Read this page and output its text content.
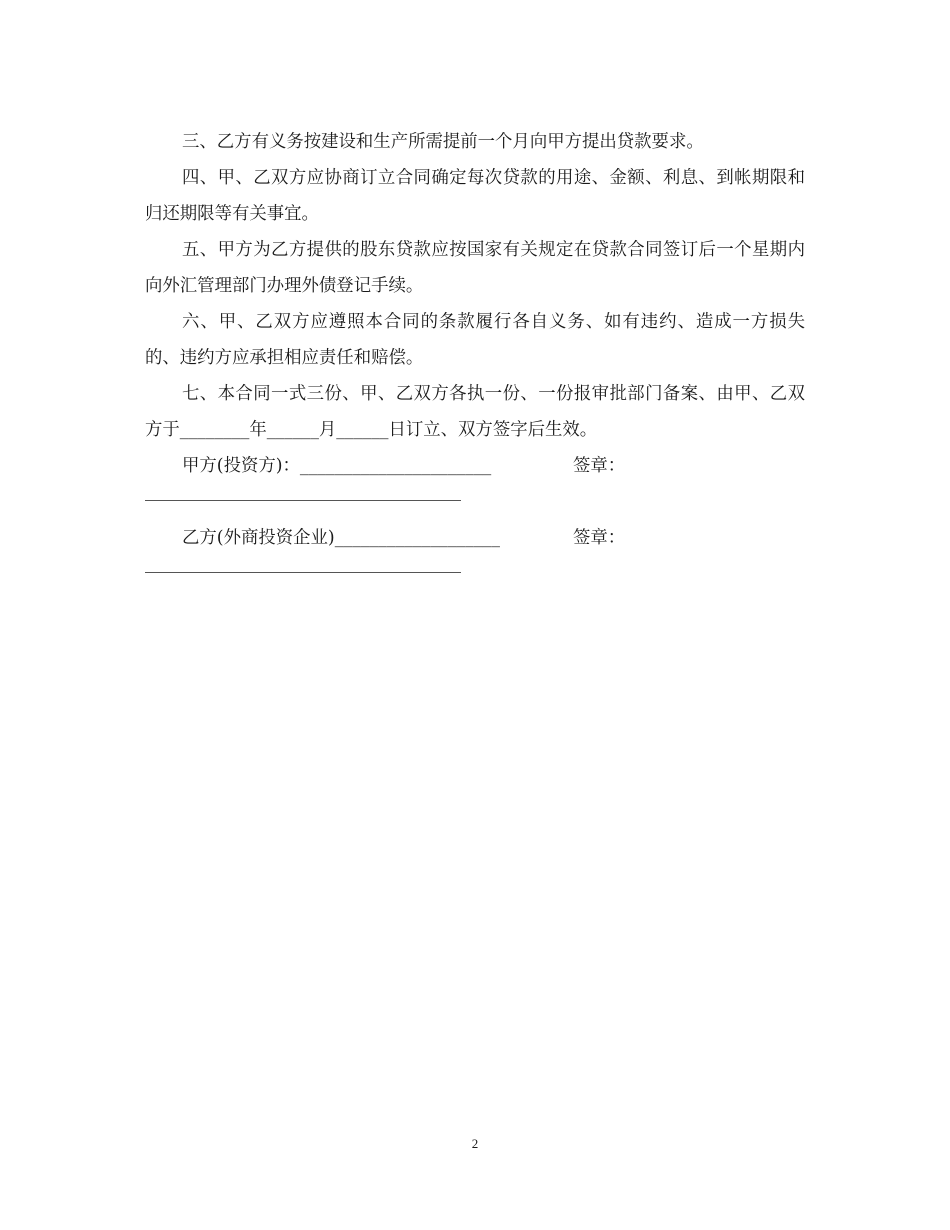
三、乙方有义务按建设和生产所需提前一个月向甲方提出贷款要求。

四、甲、乙双方应协商订立合同确定每次贷款的用途、金额、利息、到帐期限和归还期限等有关事宜。

五、甲方为乙方提供的股东贷款应按国家有关规定在贷款合同签订后一个星期内向外汇管理部门办理外债登记手续。

六、甲、乙双方应遵照本合同的条款履行各自义务、如有违约、造成一方损失的、违约方应承担相应责任和赔偿。

七、本合同一式三份、甲、乙双方各执一份、一份报审批部门备案、由甲、乙双方于________年______月______日订立、双方签字后生效。

甲方(投资方)：______________________	签章：
乙方(外商投资企业)___________________	签章：
2
